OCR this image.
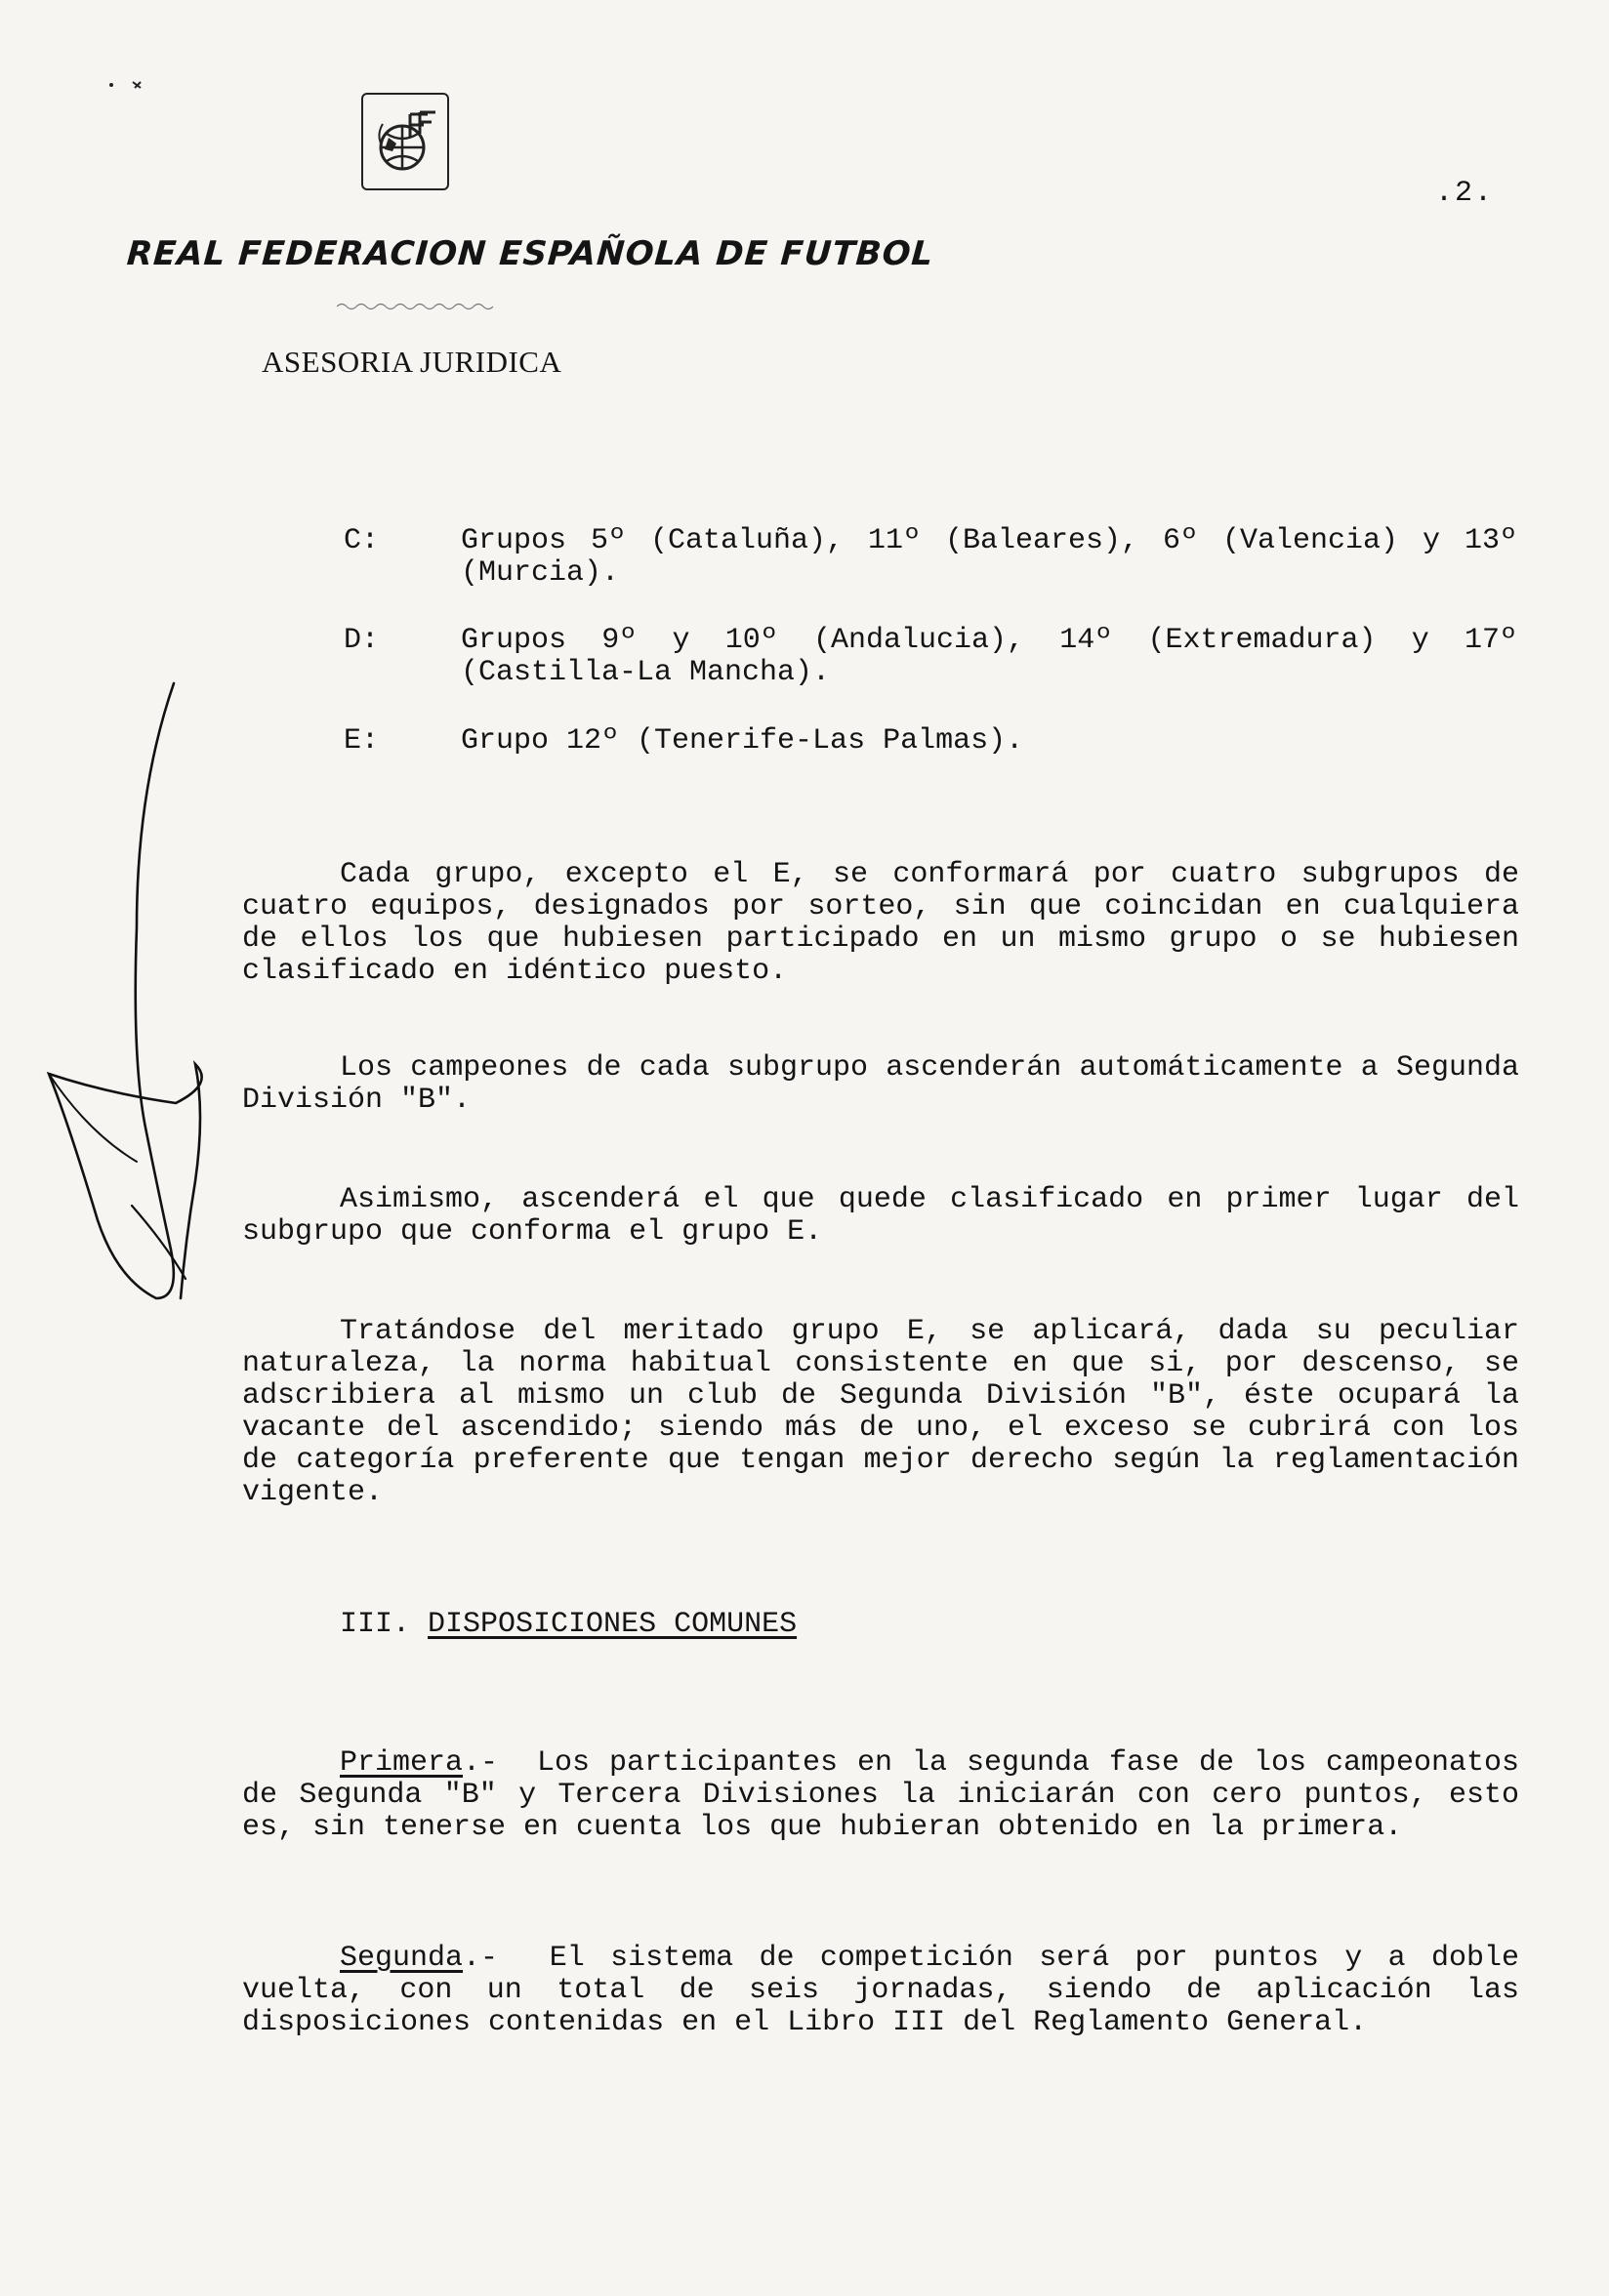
.2.
REAL FEDERACION ESPAÑOLA DE FUTBOL
ASESORIA JURIDICA
C:	Grupos 5º (Cataluña), 11º (Baleares), 6º (Valencia) y 13º (Murcia).
D:	Grupos 9º y 10º (Andalucia), 14º (Extremadura) y 17º (Castilla-La Mancha).
E:	Grupo 12º (Tenerife-Las Palmas).
Cada grupo, excepto el E, se conformará por cuatro subgrupos de cuatro equipos, designados por sorteo, sin que coincidan en cualquiera de ellos los que hubiesen participado en un mismo grupo o se hubiesen clasificado en idéntico puesto.
Los campeones de cada subgrupo ascenderán automáticamente a Segunda División "B".
Asimismo, ascenderá el que quede clasificado en primer lugar del subgrupo que conforma el grupo E.
Tratándose del meritado grupo E, se aplicará, dada su peculiar naturaleza, la norma habitual consistente en que si, por descenso, se adscribiera al mismo un club de Segunda División "B", éste ocupará la vacante del ascendido; siendo más de uno, el exceso se cubrirá con los de categoría preferente que tengan mejor derecho según la reglamentación vigente.
III. DISPOSICIONES COMUNES
Primera.- Los participantes en la segunda fase de los campeonatos de Segunda "B" y Tercera Divisiones la iniciarán con cero puntos, esto es, sin tenerse en cuenta los que hubieran obtenido en la primera.
Segunda.- El sistema de competición será por puntos y a doble vuelta, con un total de seis jornadas, siendo de aplicación las disposiciones contenidas en el Libro III del Reglamento General.
